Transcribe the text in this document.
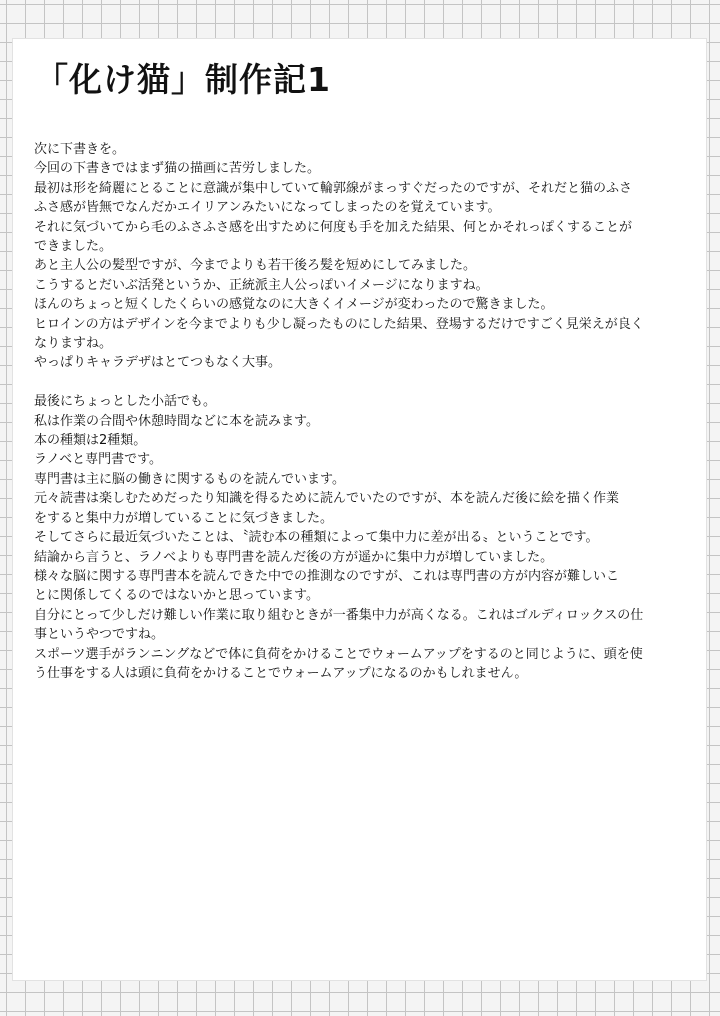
「化け猫」制作記1
次に下書きを。
今回の下書きではまず猫の描画に苦労しました。
最初は形を綺麗にとることに意識が集中していて輪郭線がまっすぐだったのですが、それだと猫のふさ
ふさ感が皆無でなんだかエイリアンみたいになってしまったのを覚えています。
それに気づいてから毛のふさふさ感を出すために何度も手を加えた結果、何とかそれっぽくすることが
できました。
あと主人公の髪型ですが、今までよりも若干後ろ髪を短めにしてみました。
こうするとだいぶ活発というか、正統派主人公っぽいイメージになりますね。
ほんのちょっと短くしたくらいの感覚なのに大きくイメージが変わったので驚きました。
ヒロインの方はデザインを今までよりも少し凝ったものにした結果、登場するだけですごく見栄えが良く
なりますね。
やっぱりキャラデザはとてつもなく大事。
最後にちょっとした小話でも。
私は作業の合間や休憩時間などに本を読みます。
本の種類は2種類。
ラノベと専門書です。
専門書は主に脳の働きに関するものを読んでいます。
元々読書は楽しむためだったり知識を得るために読んでいたのですが、本を読んだ後に絵を描く作業
をすると集中力が増していることに気づきました。
そしてさらに最近気づいたことは、〝読む本の種類によって集中力に差が出る〟ということです。
結論から言うと、ラノベよりも専門書を読んだ後の方が遥かに集中力が増していました。
様々な脳に関する専門書本を読んできた中での推測なのですが、これは専門書の方が内容が難しいこ
とに関係してくるのではないかと思っています。
自分にとって少しだけ難しい作業に取り組むときが一番集中力が高くなる。これはゴルディロックスの仕
事というやつですね。
スポーツ選手がランニングなどで体に負荷をかけることでウォームアップをするのと同じように、頭を使
う仕事をする人は頭に負荷をかけることでウォームアップになるのかもしれません。
